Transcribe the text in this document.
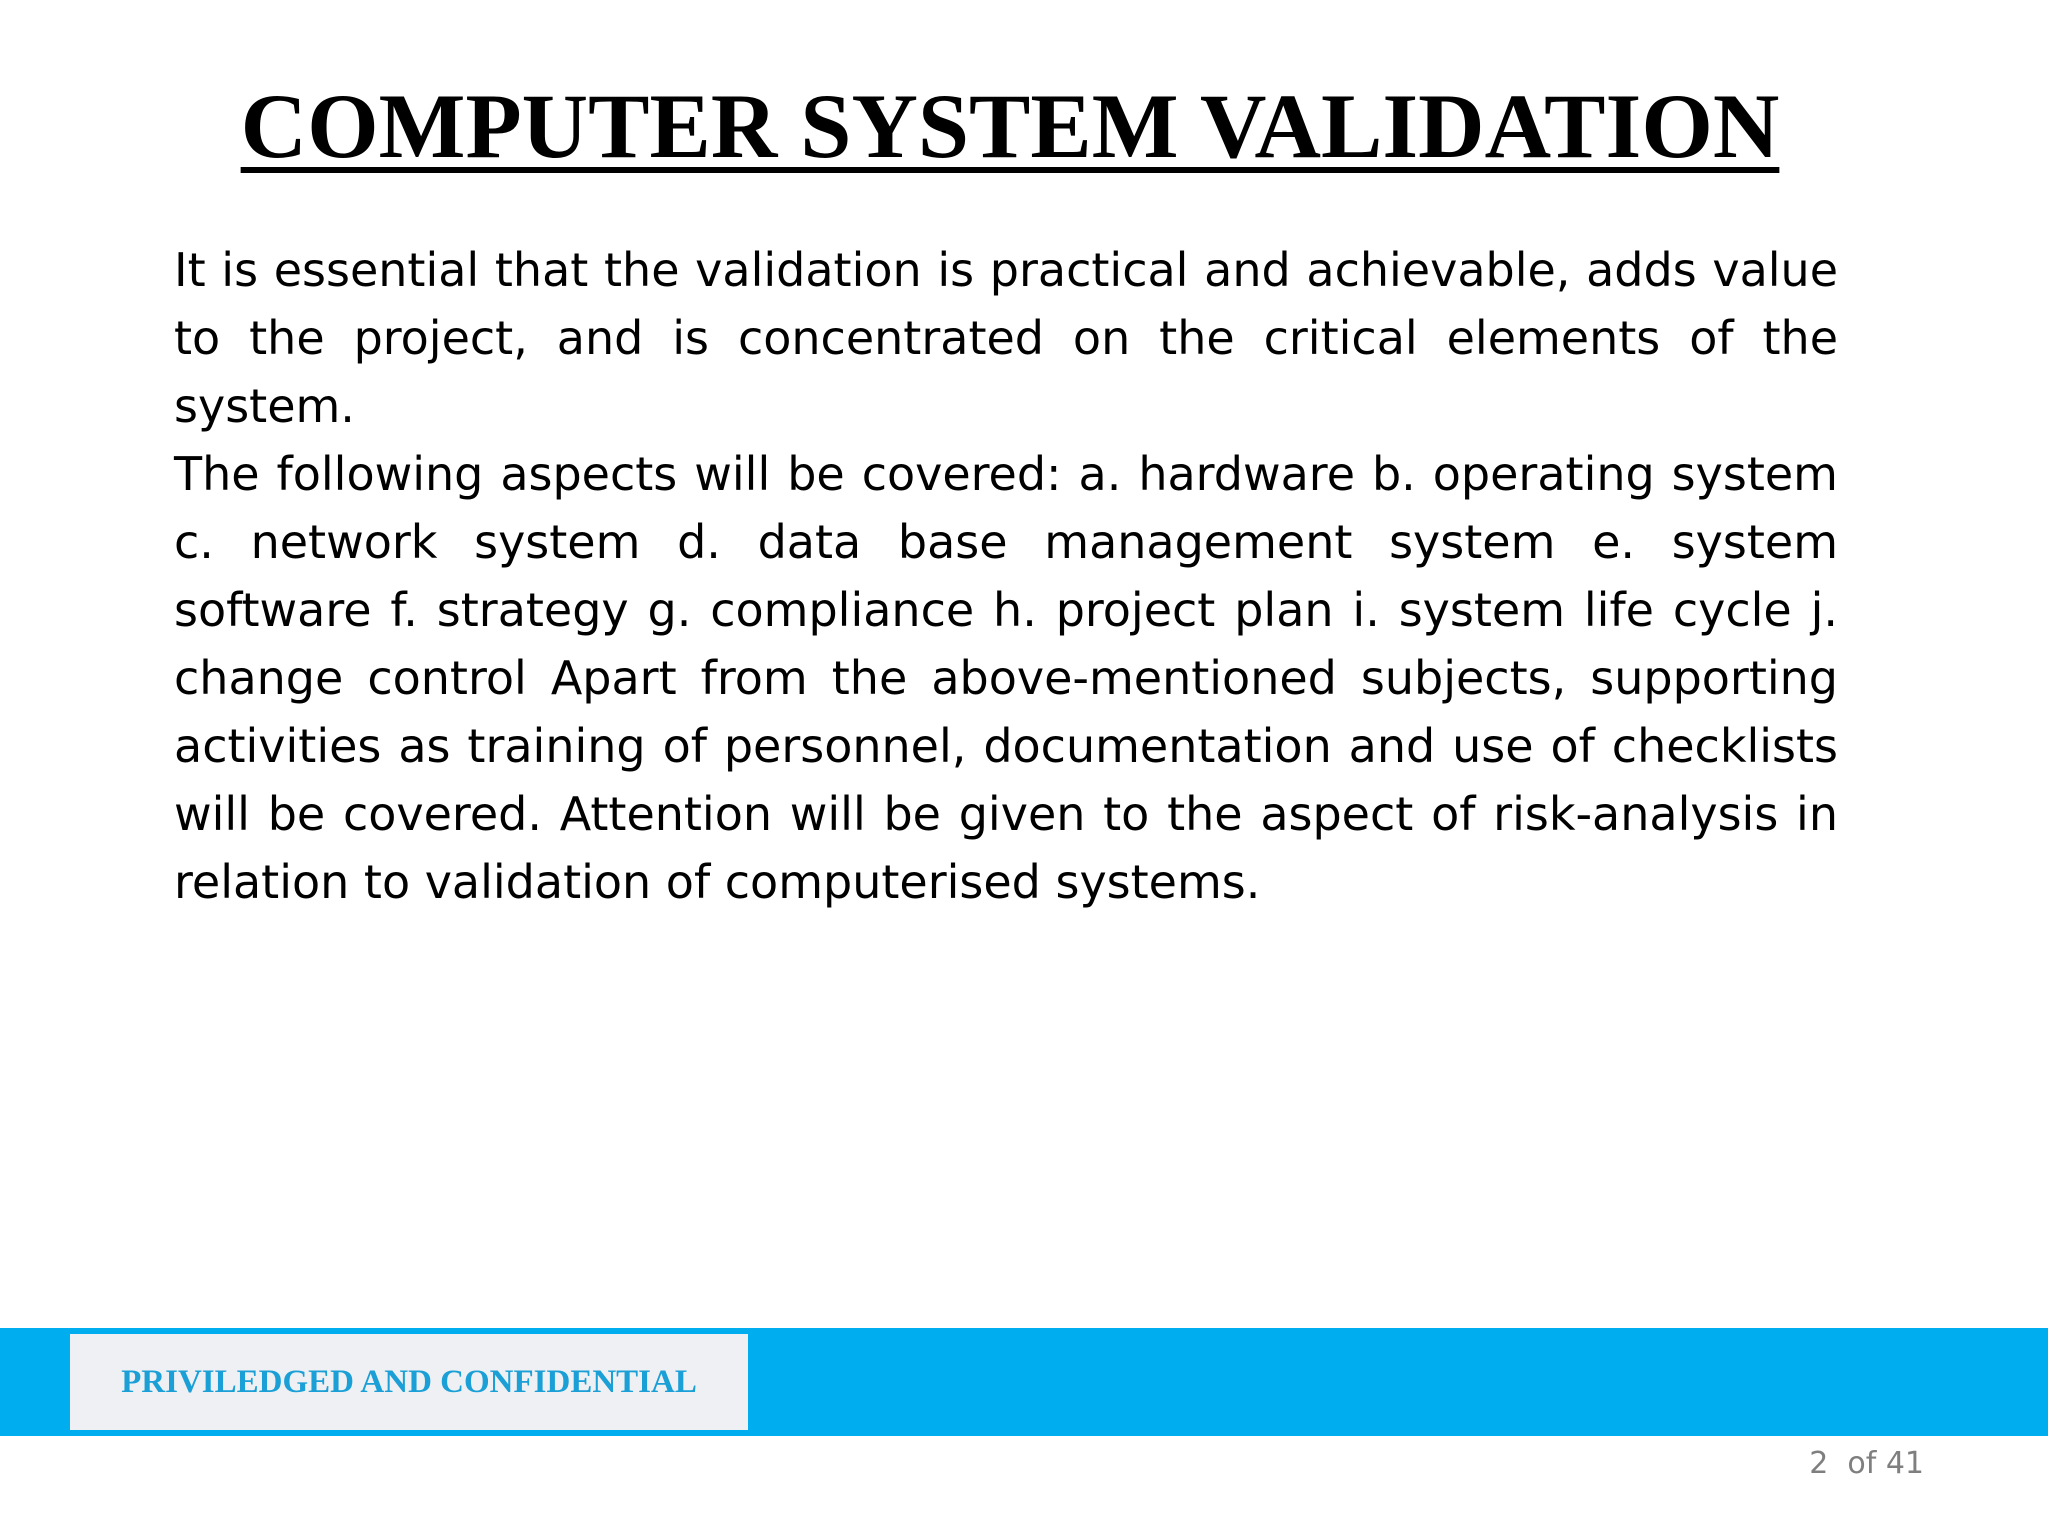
COMPUTER SYSTEM VALIDATION

It is essential that the validation is practical and achievable, adds value to the project, and is concentrated on the critical elements of the system.

The following aspects will be covered: a. hardware b. operating system c. network system d. data base management system e. system software f. strategy g. compliance h. project plan i. system life cycle j. change control Apart from the above-mentioned subjects, supporting activities as training of personnel, documentation and use of checklists will be covered. Attention will be given to the aspect of risk-analysis in relation to validation of computerised systems.

PRIVILEDGED AND CONFIDENTIAL
2  of 41
